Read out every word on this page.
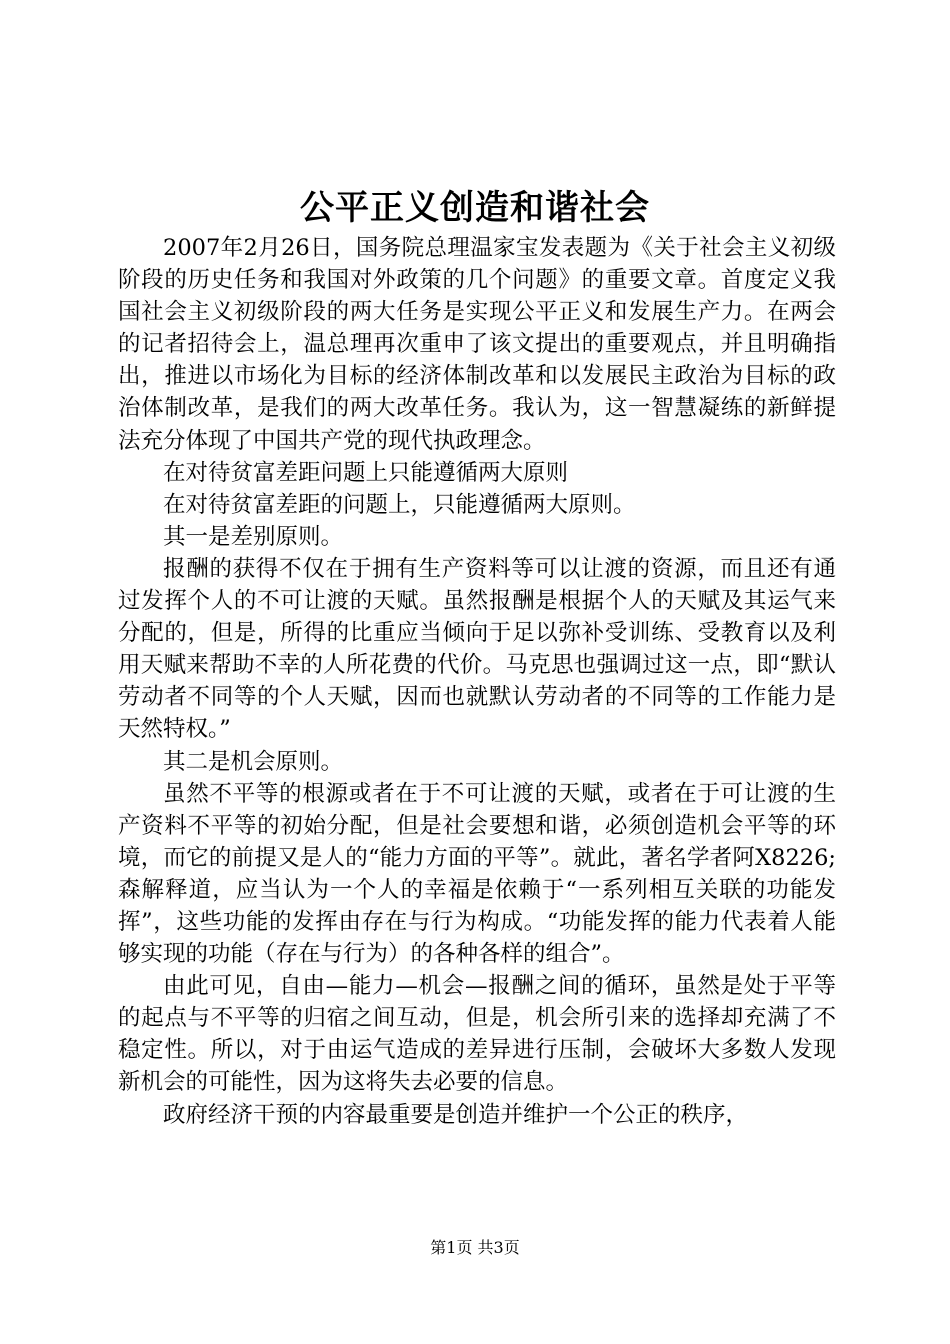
公平正义创造和谐社会

2007年2月26日，国务院总理温家宝发表题为《关于社会主义初级阶段的历史任务和我国对外政策的几个问题》的重要文章。首度定义我国社会主义初级阶段的两大任务是实现公平正义和发展生产力。在两会的记者招待会上，温总理再次重申了该文提出的重要观点，并且明确指出，推进以市场化为目标的经济体制改革和以发展民主政治为目标的政治体制改革，是我们的两大改革任务。我认为，这一智慧凝练的新鲜提法充分体现了中国共产党的现代执政理念。

在对待贫富差距问题上只能遵循两大原则

在对待贫富差距的问题上，只能遵循两大原则。

其一是差别原则。

报酬的获得不仅在于拥有生产资料等可以让渡的资源，而且还有通过发挥个人的不可让渡的天赋。虽然报酬是根据个人的天赋及其运气来分配的，但是，所得的比重应当倾向于足以弥补受训练、受教育以及利用天赋来帮助不幸的人所花费的代价。马克思也强调过这一点，即“默认劳动者不同等的个人天赋，因而也就默认劳动者的不同等的工作能力是天然特权。”

其二是机会原则。

虽然不平等的根源或者在于不可让渡的天赋，或者在于可让渡的生产资料不平等的初始分配，但是社会要想和谐，必须创造机会平等的环境，而它的前提又是人的“能力方面的平等”。就此，著名学者阿X8226;森解释道，应当认为一个人的幸福是依赖于“一系列相互关联的功能发挥”，这些功能的发挥由存在与行为构成。“功能发挥的能力代表着人能够实现的功能（存在与行为）的各种各样的组合”。

由此可见，自由—能力—机会—报酬之间的循环，虽然是处于平等的起点与不平等的归宿之间互动，但是，机会所引来的选择却充满了不稳定性。所以，对于由运气造成的差异进行压制，会破坏大多数人发现新机会的可能性，因为这将失去必要的信息。

政府经济干预的内容最重要是创造并维护一个公正的秩序，

第1页 共3页
